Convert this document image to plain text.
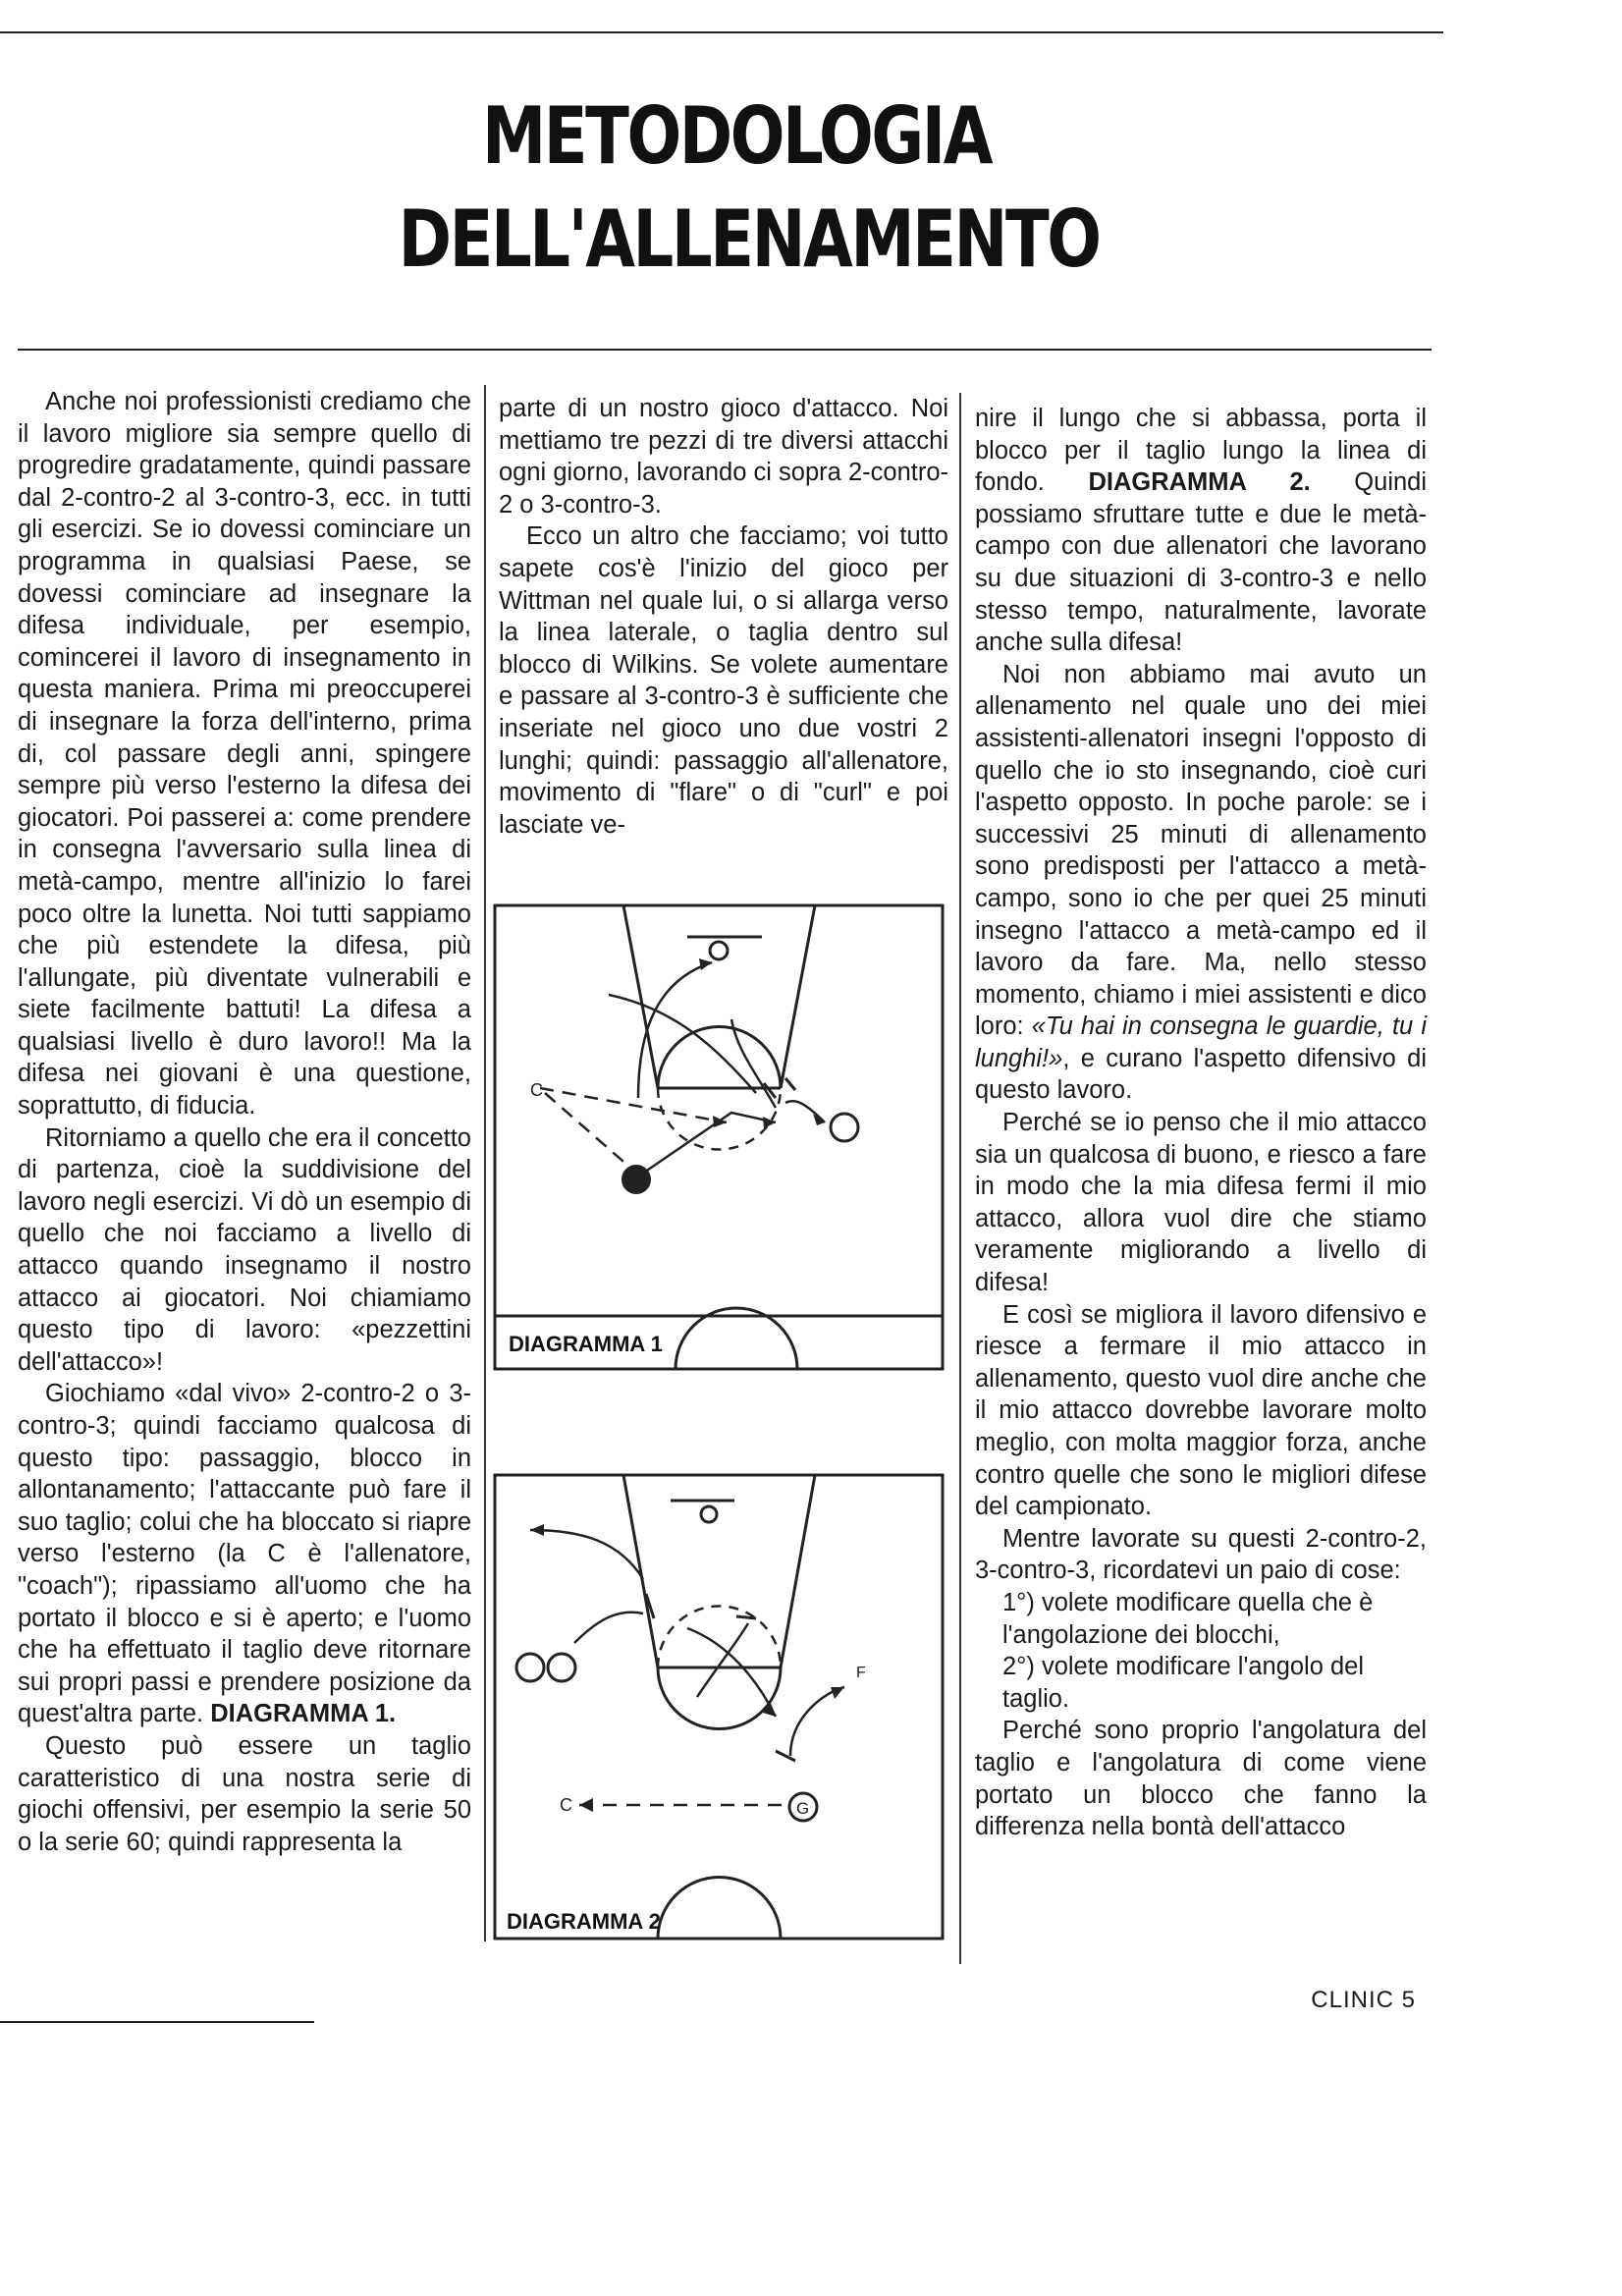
METODOLOGIA
DELL'ALLENAMENTO

Anche noi professionisti crediamo che il lavoro migliore sia sempre quello di progredire gradatamente, quindi passare dal 2-contro-2 al 3-contro-3, ecc. in tutti gli esercizi. Se io dovessi cominciare un programma in qualsiasi Paese, se dovessi cominciare ad insegnare la difesa individuale, per esempio, comincerei il lavoro di insegnamento in questa maniera. Prima mi preoccuperei di insegnare la forza dell'interno, prima di, col passare degli anni, spingere sempre più verso l'esterno la difesa dei giocatori. Poi passerei a: come prendere in consegna l'avversario sulla linea di metà-campo, mentre all'inizio lo farei poco oltre la lunetta. Noi tutti sappiamo che più estendete la difesa, più l'allungate, più diventate vulnerabili e siete facilmente battuti! La difesa a qualsiasi livello è duro lavoro!! Ma la difesa nei giovani è una questione, soprattutto, di fiducia.

Ritorniamo a quello che era il concetto di partenza, cioè la suddivisione del lavoro negli esercizi. Vi dò un esempio di quello che noi facciamo a livello di attacco quando insegnamo il nostro attacco ai giocatori. Noi chiamiamo questo tipo di lavoro: «pezzettini dell'attacco»!

Giochiamo «dal vivo» 2-contro-2 o 3-contro-3; quindi facciamo qualcosa di questo tipo: passaggio, blocco in allontanamento; l'attaccante può fare il suo taglio; colui che ha bloccato si riapre verso l'esterno (la C è l'allenatore, "coach"); ripassiamo all'uomo che ha portato il blocco e si è aperto; e l'uomo che ha effettuato il taglio deve ritornare sui propri passi e prendere posizione da quest'altra parte. DIAGRAMMA 1.

Questo può essere un taglio caratteristico di una nostra serie di giochi offensivi, per esempio la serie 50 o la serie 60; quindi rappresenta la

parte di un nostro gioco d'attacco. Noi mettiamo tre pezzi di tre diversi attacchi ogni giorno, lavorando ci sopra 2-contro-2 o 3-contro-3.

Ecco un altro che facciamo; voi tutto sapete cos'è l'inizio del gioco per Wittman nel quale lui, o si allarga verso la linea laterale, o taglia dentro sul blocco di Wilkins. Se volete aumentare e passare al 3-contro-3 è sufficiente che inseriate nel gioco uno due vostri 2 lunghi; quindi: passaggio all'allenatore, movimento di "flare" o di "curl" e poi lasciate ve-

C
DIAGRAMMA 1
G
F
C
DIAGRAMMA 2

nire il lungo che si abbassa, porta il blocco per il taglio lungo la linea di fondo. DIAGRAMMA 2. Quindi possiamo sfruttare tutte e due le metà-campo con due allenatori che lavorano su due situazioni di 3-contro-3 e nello stesso tempo, naturalmente, lavorate anche sulla difesa!

Noi non abbiamo mai avuto un allenamento nel quale uno dei miei assistenti-allenatori insegni l'opposto di quello che io sto insegnando, cioè curi l'aspetto opposto. In poche parole: se i successivi 25 minuti di allenamento sono predisposti per l'attacco a metà-campo, sono io che per quei 25 minuti insegno l'attacco a metà-campo ed il lavoro da fare. Ma, nello stesso momento, chiamo i miei assistenti e dico loro: «Tu hai in consegna le guardie, tu i lunghi!», e curano l'aspetto difensivo di questo lavoro.

Perché se io penso che il mio attacco sia un qualcosa di buono, e riesco a fare in modo che la mia difesa fermi il mio attacco, allora vuol dire che stiamo veramente migliorando a livello di difesa!

E così se migliora il lavoro difensivo e riesce a fermare il mio attacco in allenamento, questo vuol dire anche che il mio attacco dovrebbe lavorare molto meglio, con molta maggior forza, anche contro quelle che sono le migliori difese del campionato.

Mentre lavorate su questi 2-contro-2, 3-contro-3, ricordatevi un paio di cose:

1°) volete modificare quella che è l'angolazione dei blocchi,

2°) volete modificare l'angolo del taglio.

Perché sono proprio l'angolatura del taglio e l'angolatura di come viene portato un blocco che fanno la differenza nella bontà dell'attacco

CLINIC 5
